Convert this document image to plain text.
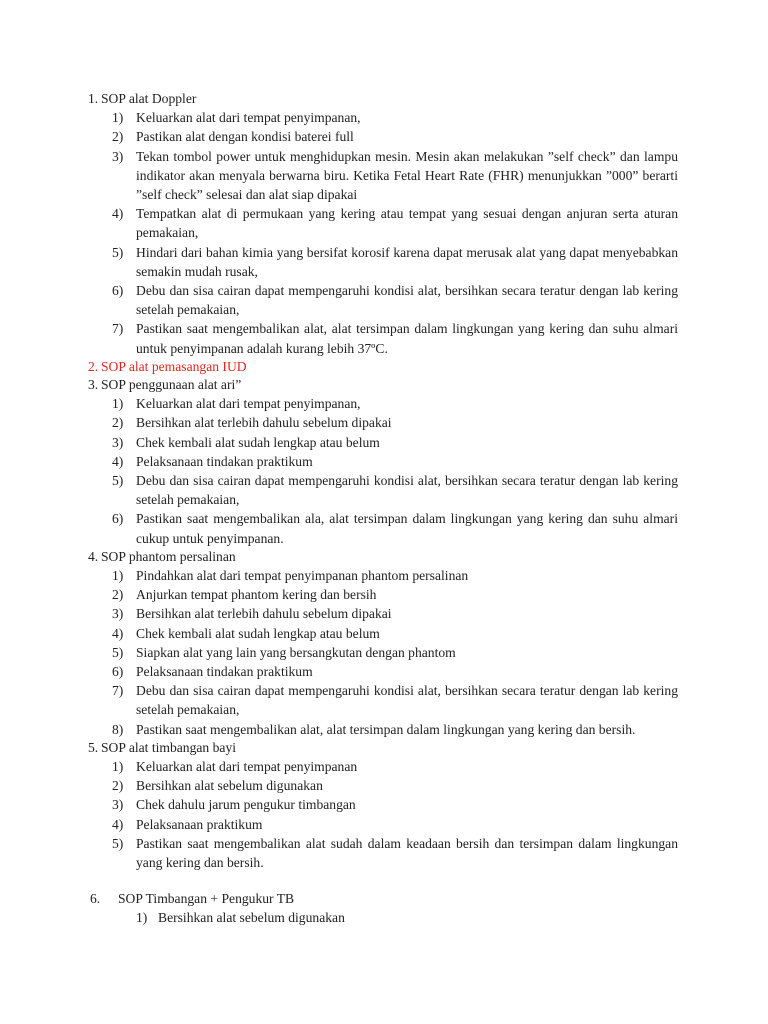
1. SOP alat Doppler
1) Keluarkan alat dari tempat penyimpanan,
2) Pastikan alat dengan kondisi baterei full
3) Tekan tombol power untuk menghidupkan mesin. Mesin akan melakukan ”self check” dan lampu indikator akan menyala berwarna biru. Ketika Fetal Heart Rate (FHR) menunjukkan ”000” berarti ”self check” selesai dan alat siap dipakai
4) Tempatkan alat di permukaan yang kering atau tempat yang sesuai dengan anjuran serta aturan pemakaian,
5) Hindari dari bahan kimia yang bersifat korosif karena dapat merusak alat yang dapat menyebabkan semakin mudah rusak,
6) Debu dan sisa cairan dapat mempengaruhi kondisi alat, bersihkan secara teratur dengan lab kering setelah pemakaian,
7) Pastikan saat mengembalikan alat, alat tersimpan dalam lingkungan yang kering dan suhu almari untuk penyimpanan adalah kurang lebih 37ºC.
2. SOP alat pemasangan IUD
3. SOP penggunaan alat ari”
1) Keluarkan alat dari tempat penyimpanan,
2) Bersihkan alat terlebih dahulu sebelum dipakai
3) Chek kembali alat sudah lengkap atau belum
4) Pelaksanaan tindakan praktikum
5) Debu dan sisa cairan dapat mempengaruhi kondisi alat, bersihkan secara teratur dengan lab kering setelah pemakaian,
6) Pastikan saat mengembalikan ala, alat tersimpan dalam lingkungan yang kering dan suhu almari cukup untuk penyimpanan.
4. SOP phantom persalinan
1) Pindahkan alat dari tempat penyimpanan phantom persalinan
2) Anjurkan tempat phantom kering dan bersih
3) Bersihkan alat terlebih dahulu sebelum dipakai
4) Chek kembali alat sudah lengkap atau belum
5) Siapkan alat yang lain yang bersangkutan dengan phantom
6) Pelaksanaan tindakan praktikum
7) Debu dan sisa cairan dapat mempengaruhi kondisi alat, bersihkan secara teratur dengan lab kering setelah pemakaian,
8) Pastikan saat mengembalikan alat, alat tersimpan dalam lingkungan yang kering dan bersih.
5. SOP alat timbangan bayi
1) Keluarkan alat dari tempat penyimpanan
2) Bersihkan alat sebelum digunakan
3) Chek dahulu jarum pengukur timbangan
4) Pelaksanaan praktikum
5) Pastikan saat mengembalikan alat sudah dalam keadaan bersih dan tersimpan dalam lingkungan yang kering dan bersih.
6. SOP Timbangan + Pengukur TB
1) Bersihkan alat sebelum digunakan
